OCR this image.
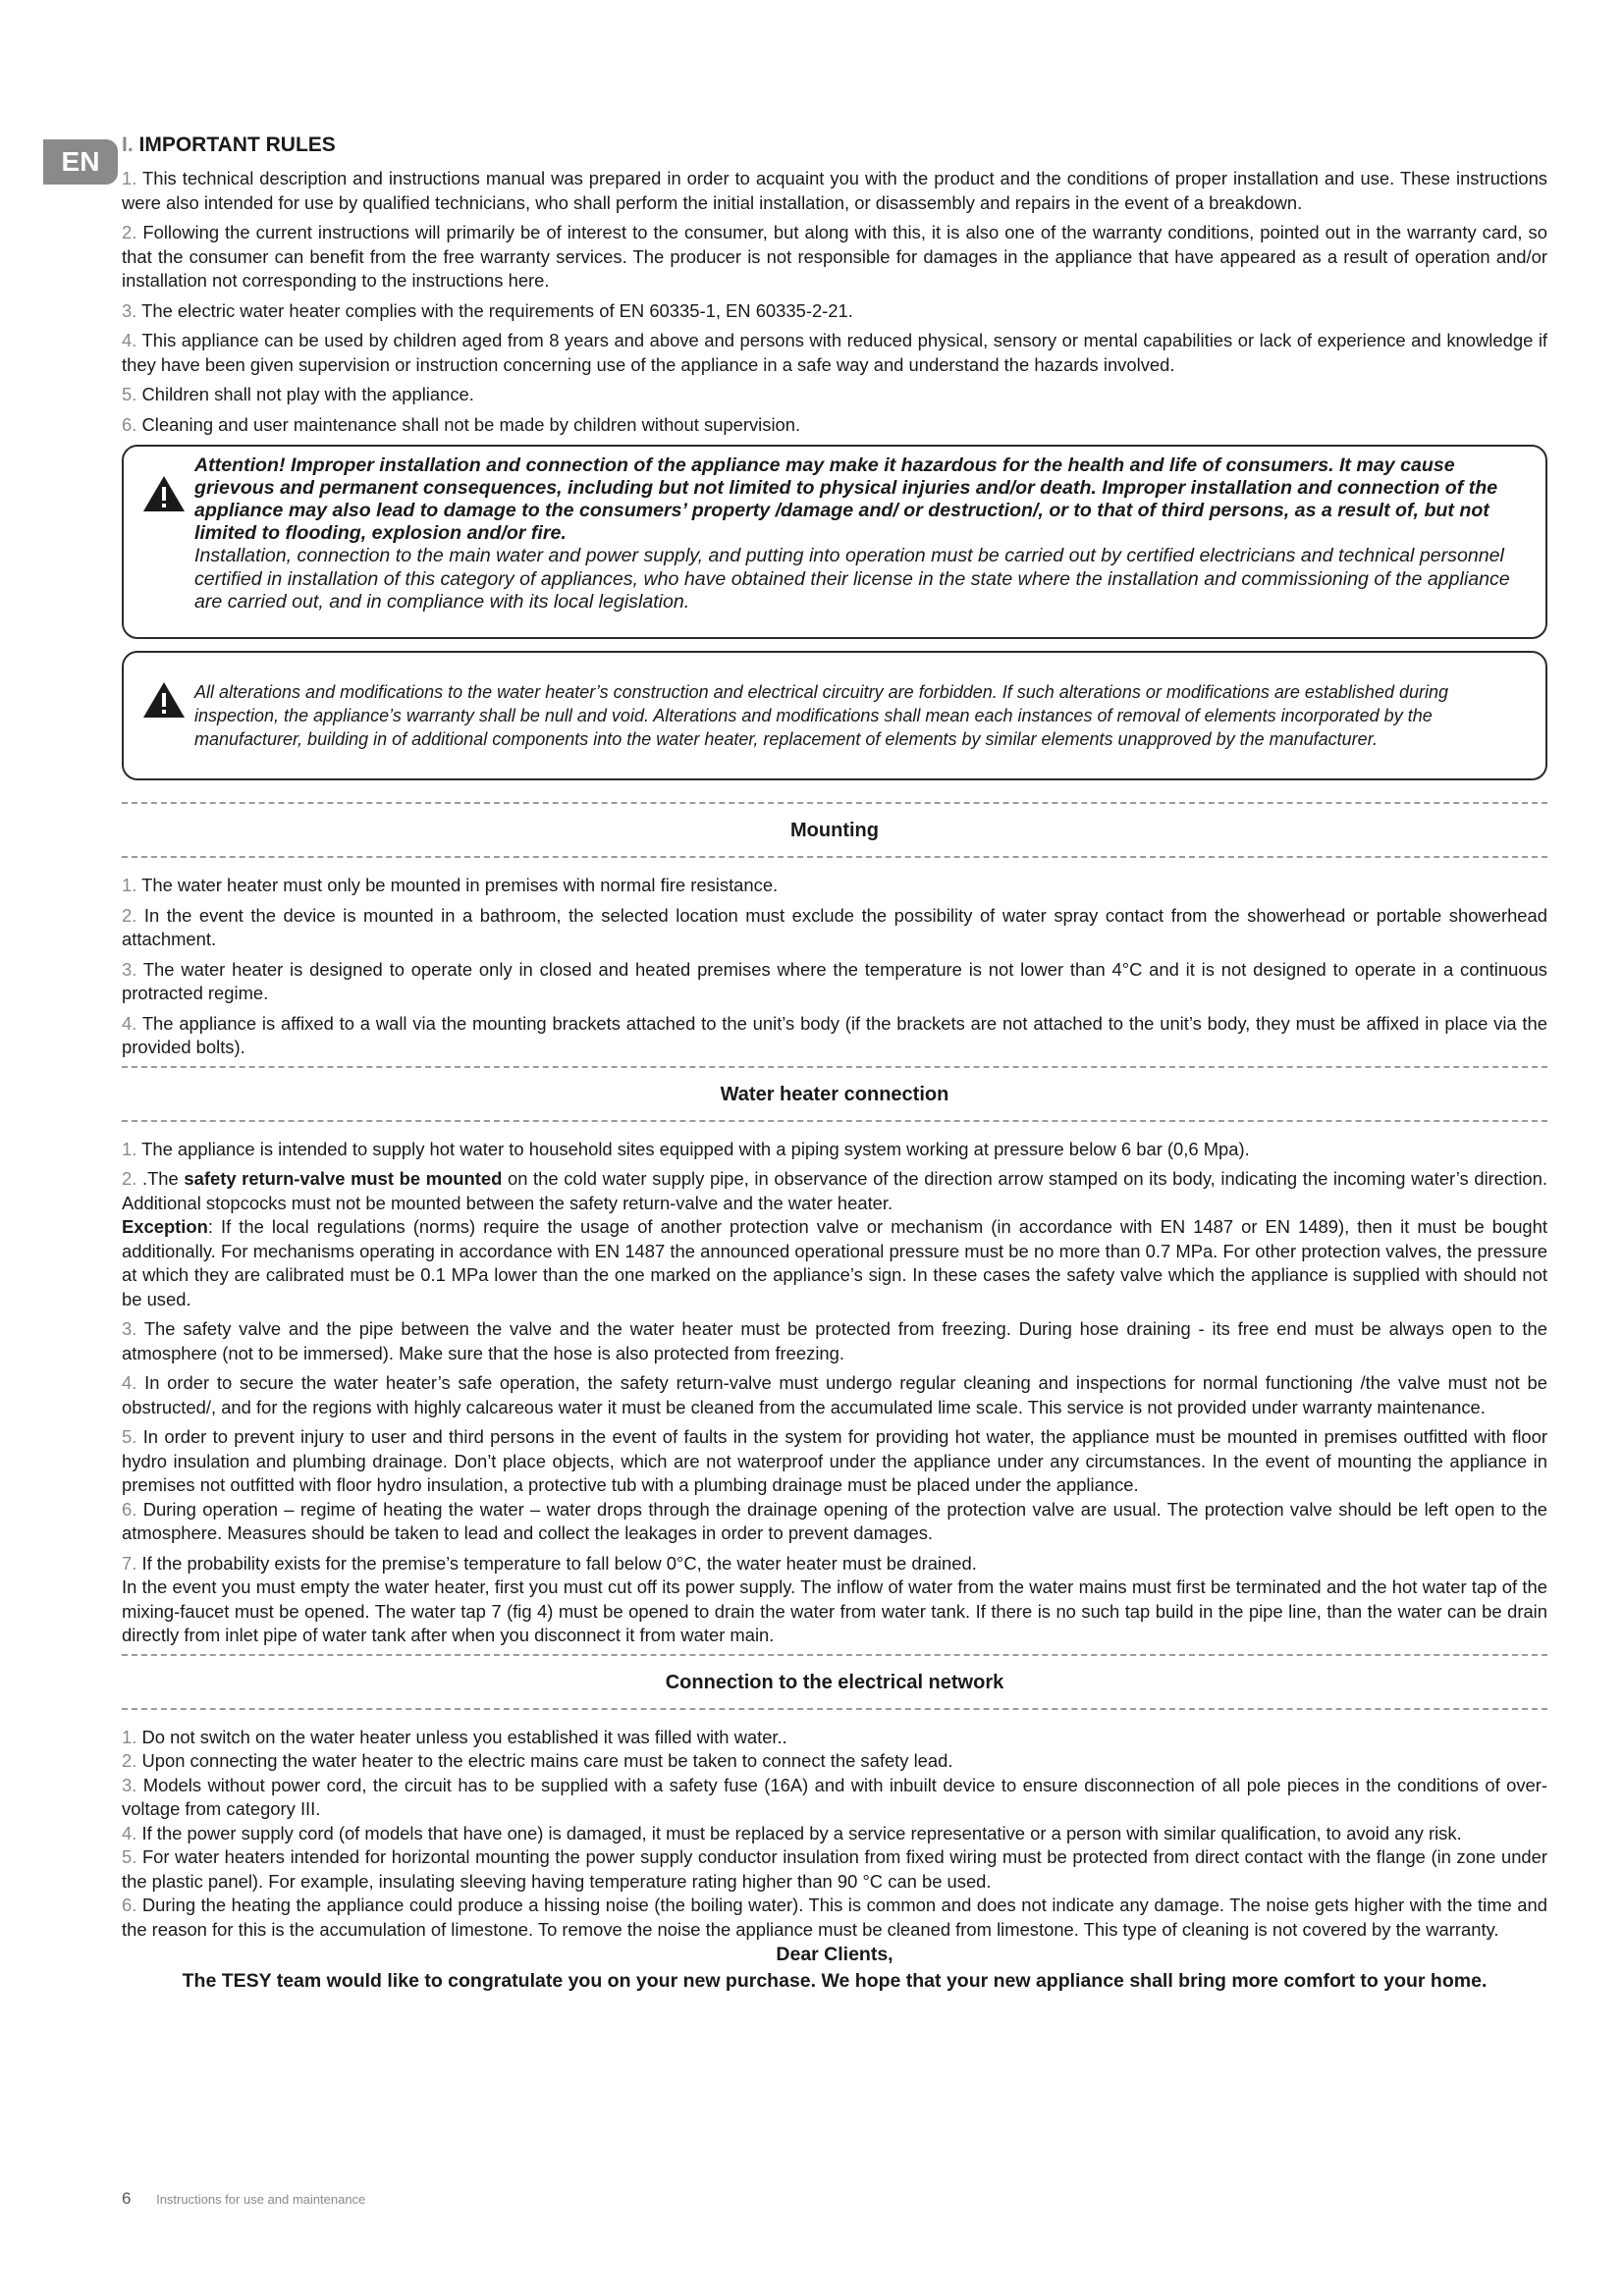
EN
I. IMPORTANT RULES

1. This technical description and instructions manual was prepared in order to acquaint you with the product and the conditions of proper installation and use. These instructions were also intended for use by qualified technicians, who shall perform the initial installation, or disassembly and repairs in the event of a breakdown.

2. Following the current instructions will primarily be of interest to the consumer, but along with this, it is also one of the warranty conditions, pointed out in the warranty card, so that the consumer can benefit from the free warranty services. The producer is not responsible for damages in the appliance that have appeared as a result of operation and/or installation not corresponding to the instructions here.

3. The electric water heater complies with the requirements of EN 60335-1, EN 60335-2-21.

4. This appliance can be used by children aged from 8 years and above and persons with reduced physical, sensory or mental capabilities or lack of experience and knowledge if they have been given supervision or instruction concerning use of the appliance in a safe way and understand the hazards involved.

5. Children shall not play with the appliance.

6. Cleaning and user maintenance shall not be made by children without supervision.

Attention! Improper installation and connection of the appliance may make it hazardous for the health and life of consumers. It may cause grievous and permanent consequences, including but not limited to physical injuries and/or death. Improper installation and connection of the appliance may also lead to damage to the consumers’ property /damage and/ or destruction/, or to that of third persons, as a result of, but not limited to flooding, explosion and/or fire.
Installation, connection to the main water and power supply, and putting into operation must be carried out by certified electricians and technical personnel certified in installation of this category of appliances, who have obtained their license in the state where the installation and commissioning of the appliance are carried out, and in compliance with its local legislation.
All alterations and modifications to the water heater’s construction and electrical circuitry are forbidden. If such alterations or modifications are established during inspection, the appliance’s warranty shall be null and void. Alterations and modifications shall mean each instances of removal of elements incorporated by the manufacturer, building in of additional components into the water heater, replacement of elements by similar elements unapproved by the manufacturer.
Mounting

1. The water heater must only be mounted in premises with normal fire resistance.

2. In the event the device is mounted in a bathroom, the selected location must exclude the possibility of water spray contact from the showerhead or portable showerhead attachment.

3. The water heater is designed to operate only in closed and heated premises where the temperature is not lower than 4°C and it is not designed to operate in a continuous protracted regime.

4. The appliance is affixed to a wall via the mounting brackets attached to the unit’s body (if the brackets are not attached to the unit’s body, they must be affixed in place via the provided bolts).

Water heater connection

1. The appliance is intended to supply hot water to household sites equipped with a piping system working at pressure below 6 bar (0,6 Mpa).

2. .The safety return-valve must be mounted on the cold water supply pipe, in observance of the direction arrow stamped on its body, indicating the incoming water’s direction. Additional stopcocks must not be mounted between the safety return-valve and the water heater.

Exception: If the local regulations (norms) require the usage of another protection valve or mechanism (in accordance with EN 1487 or EN 1489), then it must be bought additionally. For mechanisms operating in accordance with EN 1487 the announced operational pressure must be no more than 0.7 MPa. For other protection valves, the pressure at which they are calibrated must be 0.1 MPa lower than the one marked on the appliance’s sign. In these cases the safety valve which the appliance is supplied with should not be used.

3. The safety valve and the pipe between the valve and the water heater must be protected from freezing. During hose draining - its free end must be always open to the atmosphere (not to be immersed). Make sure that the hose is also protected from freezing.

4. In order to secure the water heater’s safe operation, the safety return-valve must undergo regular cleaning and inspections for normal functioning /the valve must not be obstructed/, and for the regions with highly calcareous water it must be cleaned from the accumulated lime scale. This service is not provided under warranty maintenance.

5. In order to prevent injury to user and third persons in the event of faults in the system for providing hot water, the appliance must be mounted in premises outfitted with floor hydro insulation and plumbing drainage. Don’t place objects, which are not waterproof under the appliance under any circumstances. In the event of mounting the appliance in premises not outfitted with floor hydro insulation, a protective tub with a plumbing drainage must be placed under the appliance.

6. During operation – regime of heating the water – water drops through the drainage opening of the protection valve are usual. The protection valve should be left open to the atmosphere. Measures should be taken to lead and collect the leakages in order to prevent damages.

7. If the probability exists for the premise’s temperature to fall below 0°C, the water heater must be drained.

In the event you must empty the water heater, first you must cut off its power supply. The inflow of water from the water mains must first be terminated and the hot water tap of the mixing-faucet must be opened. The water tap 7 (fig 4) must be opened to drain the water from water tank. If there is no such tap build in the pipe line, than the water can be drain directly from inlet pipe of water tank after when you disconnect it from water main.

Connection to the electrical network

1. Do not switch on the water heater unless you established it was filled with water..

2. Upon connecting the water heater to the electric mains care must be taken to connect the safety lead.

3. Models without power cord, the circuit has to be supplied with a safety fuse (16A) and with inbuilt device to ensure disconnection of all pole pieces in the conditions of over-voltage from category III.

4. If the power supply cord (of models that have one) is damaged, it must be replaced by a service representative or a person with similar qualification, to avoid any risk.

5. For water heaters intended for horizontal mounting the power supply conductor insulation from fixed wiring must be protected from direct contact with the flange (in zone under the plastic panel). For example, insulating sleeving having temperature rating higher than 90 °C can be used.

6. During the heating the appliance could produce a hissing noise (the boiling water). This is common and does not indicate any damage. The noise gets higher with the time and the reason for this is the accumulation of limestone. To remove the noise the appliance must be cleaned from limestone. This type of cleaning is not covered by the warranty.

Dear Clients,

The TESY team would like to congratulate you on your new purchase. We hope that your new appliance shall bring more comfort to your home.

6 Instructions for use and maintenance
